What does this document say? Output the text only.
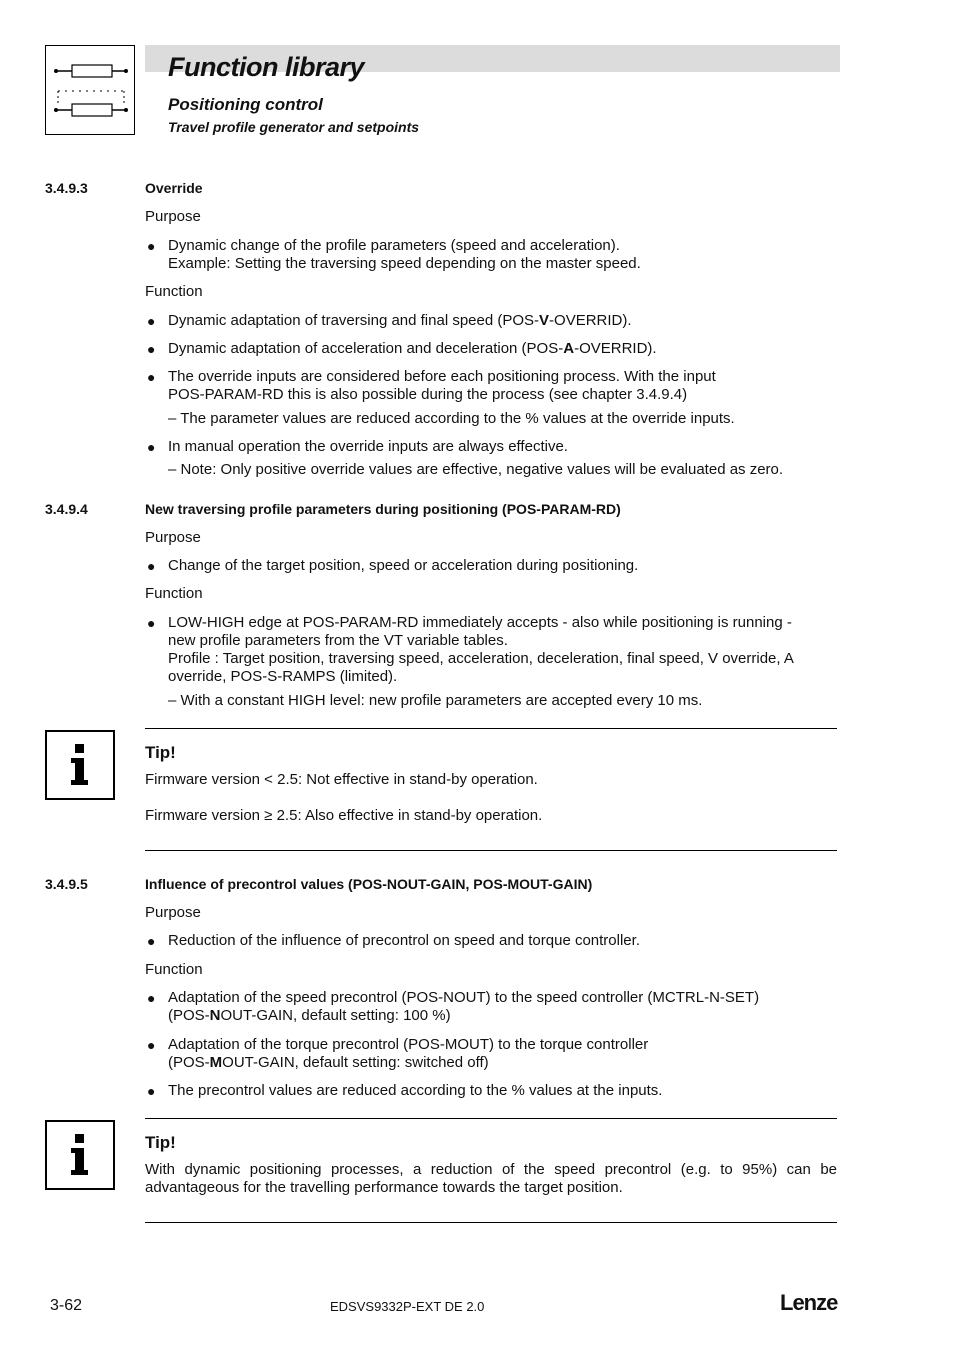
Function library
Positioning control
Travel profile generator and setpoints
3.4.9.3	Override
Purpose
● Dynamic change of the profile parameters (speed and acceleration).
Example: Setting the traversing speed depending on the master speed.
Function
● Dynamic adaptation of traversing and final speed (POS-V-OVERRID).
● Dynamic adaptation of acceleration and deceleration (POS-A-OVERRID).
● The override inputs are considered before each positioning process. With the input
POS-PARAM-RD this is also possible during the process (see chapter 3.4.9.4)
– The parameter values are reduced according to the % values at the override inputs.
● In manual operation the override inputs are always effective.
– Note: Only positive override values are effective, negative values will be evaluated as zero.
3.4.9.4	New traversing profile parameters during positioning (POS-PARAM-RD)
Purpose
● Change of the target position, speed or acceleration during positioning.
Function
● LOW-HIGH edge at POS-PARAM-RD immediately accepts - also while positioning is running -
new profile parameters from the VT variable tables.
Profile : Target position, traversing speed, acceleration, deceleration, final speed, V override, A
override, POS-S-RAMPS (limited).
– With a constant HIGH level: new profile parameters are accepted every 10 ms.
Tip!
Firmware version < 2.5: Not effective in stand-by operation.
Firmware version ≥ 2.5: Also effective in stand-by operation.
3.4.9.5	Influence of precontrol values (POS-NOUT-GAIN, POS-MOUT-GAIN)
Purpose
● Reduction of the influence of precontrol on speed and torque controller.
Function
● Adaptation of the speed precontrol (POS-NOUT) to the speed controller (MCTRL-N-SET)
(POS-NOUT-GAIN, default setting: 100 %)
● Adaptation of the torque precontrol (POS-MOUT) to the torque controller
(POS-MOUT-GAIN, default setting: switched off)
● The precontrol values are reduced according to the % values at the inputs.
Tip!
With dynamic positioning processes, a reduction of the speed precontrol (e.g. to 95%) can be advantageous for the travelling performance towards the target position.
3-62	EDSVS9332P-EXT DE 2.0	Lenze
